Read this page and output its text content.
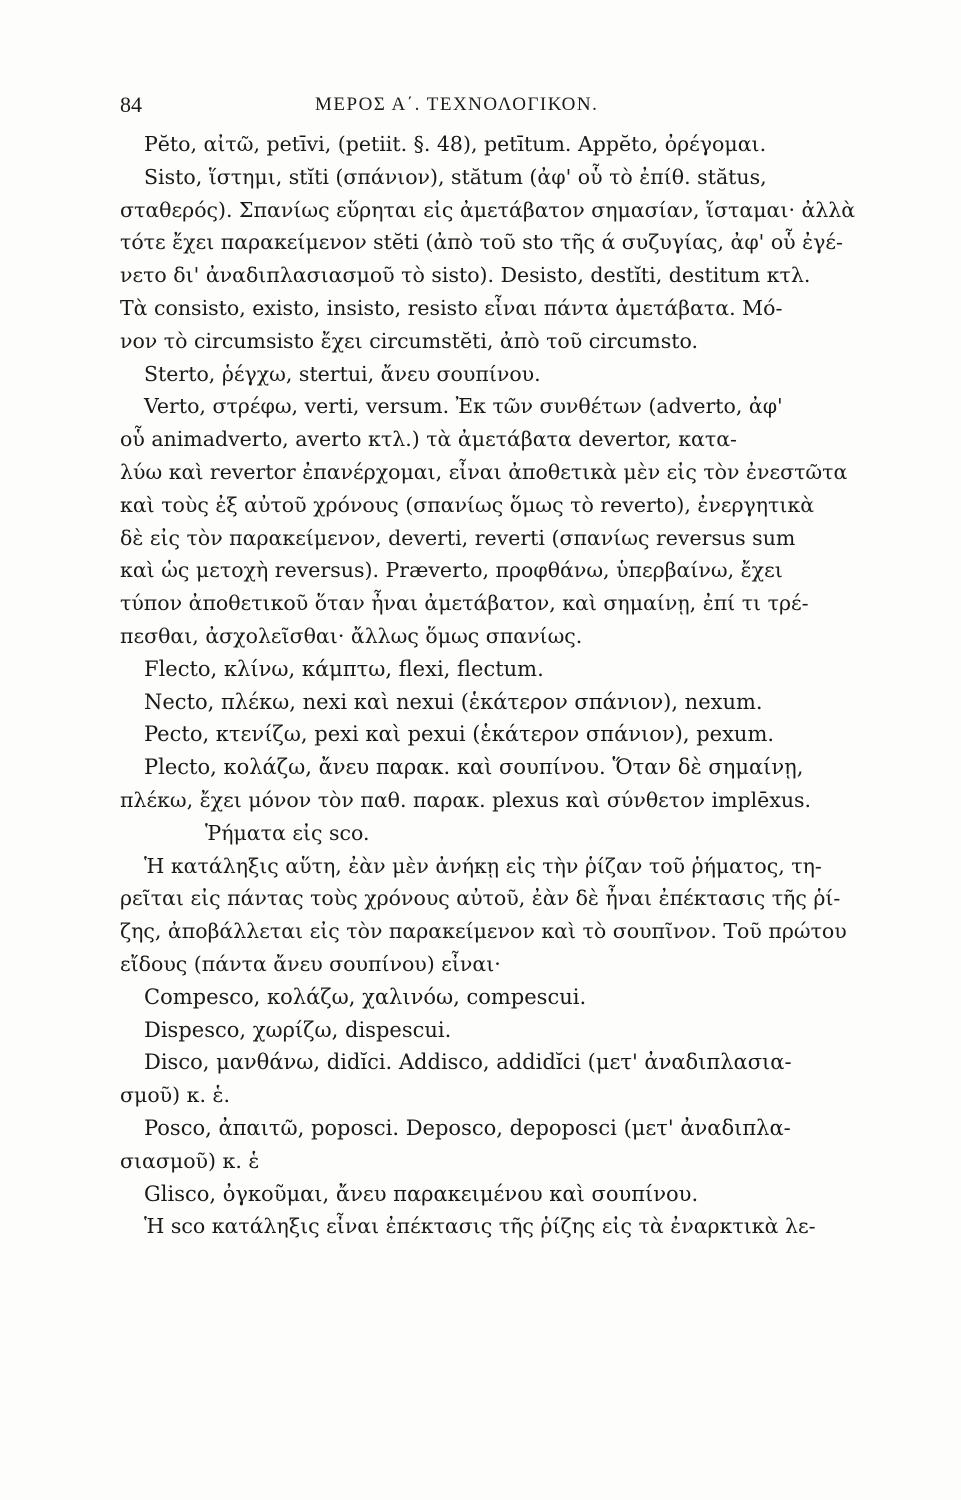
84	ΜΕΡΟΣ Α΄. ΤΕΧΝΟΛΟΓΙΚΟΝ.
Pĕto, αἰτῶ, petīvi, (petiit. §. 48), petītum. Appĕto, ὀρέγομαι.
Sisto, ἵστημι, stĭti (σπάνιον), stătum (ἀφ' οὗ τὸ ἐπίθ. stătus,
σταθερός). Σπανίως εὕρηται εἰς ἀμετάβατον σημασίαν, ἵσταμαι· ἀλλὰ
τότε ἔχει παρακείμενον stĕti (ἀπὸ τοῦ sto τῆς ά συζυγίας, ἀφ' οὗ ἐγέ-
νετο δι' ἀναδιπλασιασμοῦ τὸ sisto). Desisto, destĭti, destitum κτλ.
Τὰ consisto, existo, insisto, resisto εἶναι πάντα ἀμετάβατα. Μό-
νον τὸ circumsisto ἔχει circumstĕti, ἀπὸ τοῦ circumsto.
Sterto, ῥέγχω, stertui, ἄνευ σουπίνου.
Verto, στρέφω, verti, versum. Ἐκ τῶν συνθέτων (adverto, ἀφ'
οὗ animadverto, averto κτλ.) τὰ ἀμετάβατα devertor, κατα-
λύω καὶ revertor ἐπανέρχομαι, εἶναι ἀποθετικὰ μὲν εἰς τὸν ἐνεστῶτα
καὶ τοὺς ἐξ αὐτοῦ χρόνους (σπανίως ὅμως τὸ reverto), ἐνεργητικὰ
δὲ εἰς τὸν παρακείμενον, deverti, reverti (σπανίως reversus sum
καὶ ὡς μετοχὴ reversus). Præverto, προφθάνω, ὑπερβαίνω, ἔχει
τύπον ἀποθετικοῦ ὅταν ἦναι ἀμετάβατον, καὶ σημαίνῃ, ἐπί τι τρέ-
πεσθαι, ἀσχολεῖσθαι· ἄλλως ὅμως σπανίως.
Flecto, κλίνω, κάμπτω, flexi, flectum.
Necto, πλέκω, nexi καὶ nexui (ἑκάτερον σπάνιον), nexum.
Pecto, κτενίζω, pexi καὶ pexui (ἑκάτερον σπάνιον), pexum.
Plecto, κολάζω, ἄνευ παρακ. καὶ σουπίνου. Ὅταν δὲ σημαίνῃ,
πλέκω, ἔχει μόνον τὸν παθ. παρακ. plexus καὶ σύνθετον implēxus.
Ῥήματα εἰς sco.
Ἡ κατάληξις αὕτη, ἐὰν μὲν ἀνήκῃ εἰς τὴν ῥίζαν τοῦ ῥήματος, τη-
ρεῖται εἰς πάντας τοὺς χρόνους αὐτοῦ, ἐὰν δὲ ἦναι ἐπέκτασις τῆς ῥί-
ζης, ἀποβάλλεται εἰς τὸν παρακείμενον καὶ τὸ σουπῖνον. Τοῦ πρώτου
εἴδους (πάντα ἄνευ σουπίνου) εἶναι·
Compesco, κολάζω, χαλινόω, compescui.
Dispesco, χωρίζω, dispescui.
Disco, μανθάνω, didĭci. Addisco, addidĭci (μετ' ἀναδιπλασια-
σμοῦ) κ. ἑ.
Posco, ἀπαιτῶ, poposci. Deposco, depoposci (μετ' ἀναδιπλα-
σιασμοῦ) κ. ἑ
Glisco, ὀγκοῦμαι, ἄνευ παρακειμένου καὶ σουπίνου.
Ἡ sco κατάληξις εἶναι ἐπέκτασις τῆς ῥίζης εἰς τὰ ἐναρκτικὰ λε-
